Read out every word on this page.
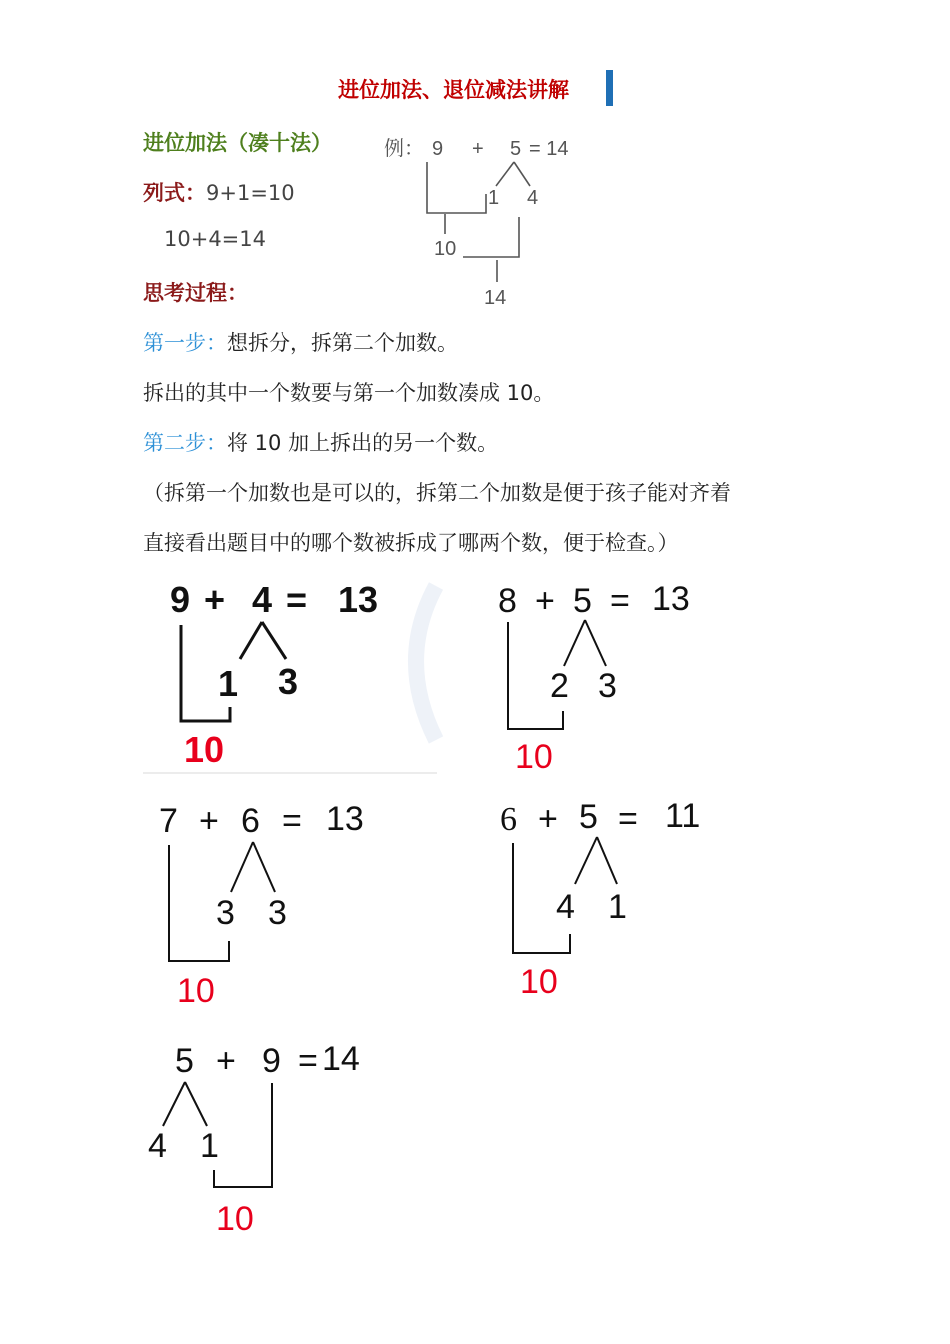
进位加法、退位减法讲解
进位加法（凑十法）
列式：9+1=10
10+4=14
思考过程：
第一步：想拆分，拆第二个加数。
拆出的其中一个数要与第一个加数凑成 10。
第二步：将 10 加上拆出的另一个数。
（拆第一个加数也是可以的，拆第二个加数是便于孩子能对齐着
直接看出题目中的哪个数被拆成了哪两个数，便于检查。）
例： 9 + 5 = 14
1 4
10
14
9 + 4 = 13
1 3
10
8 + 5 = 13
2 3
10
7 + 6 = 13
3 3
10
6 + 5 = 11
4 1
10
5 + 9 = 14
4 1
10
